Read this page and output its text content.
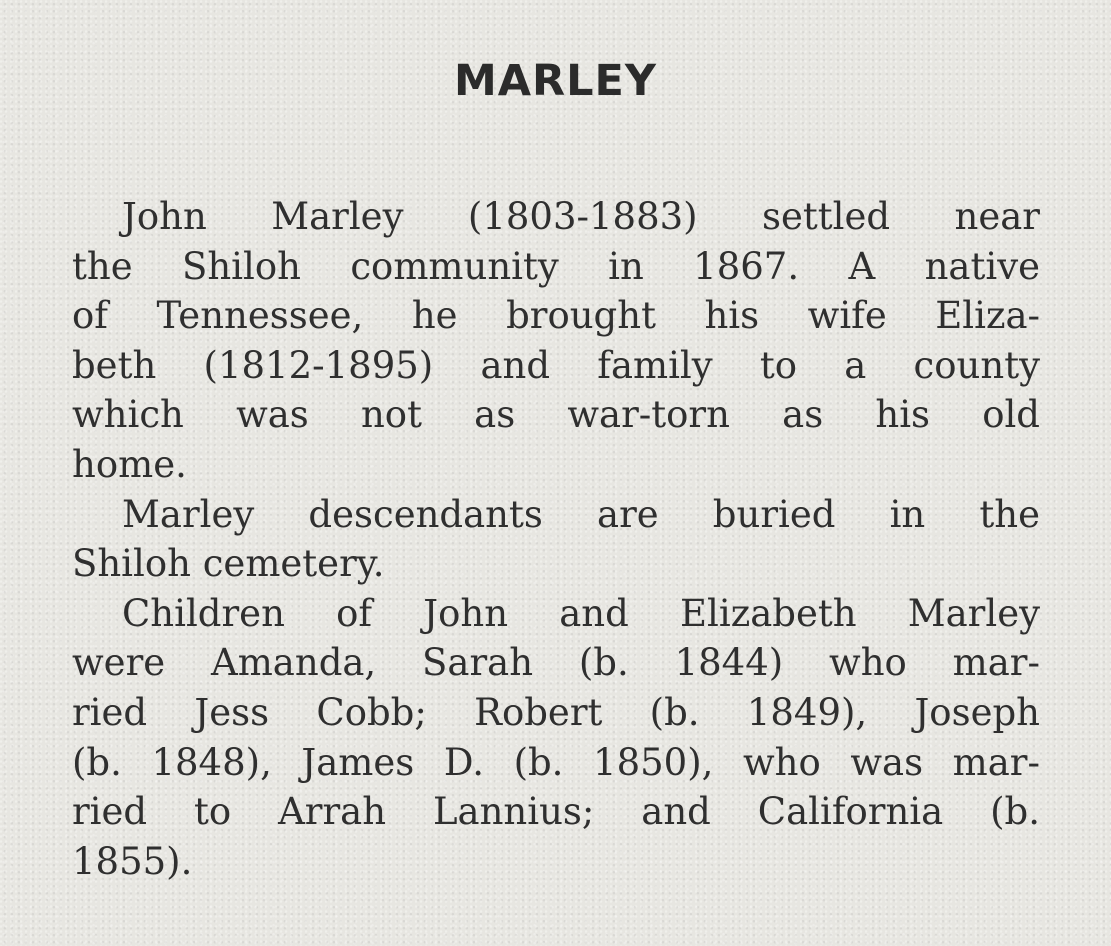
MARLEY
John Marley (1803-1883) settled near
the Shiloh community in 1867. A native
of Tennessee, he brought his wife Eliza-
beth (1812-1895) and family to a county
which was not as war-torn as his old
home.
Marley descendants are buried in the
Shiloh cemetery.
Children of John and Elizabeth Marley
were Amanda, Sarah (b. 1844) who mar-
ried Jess Cobb; Robert (b. 1849), Joseph
(b. 1848), James D. (b. 1850), who was mar-
ried to Arrah Lannius; and California (b.
1855).
